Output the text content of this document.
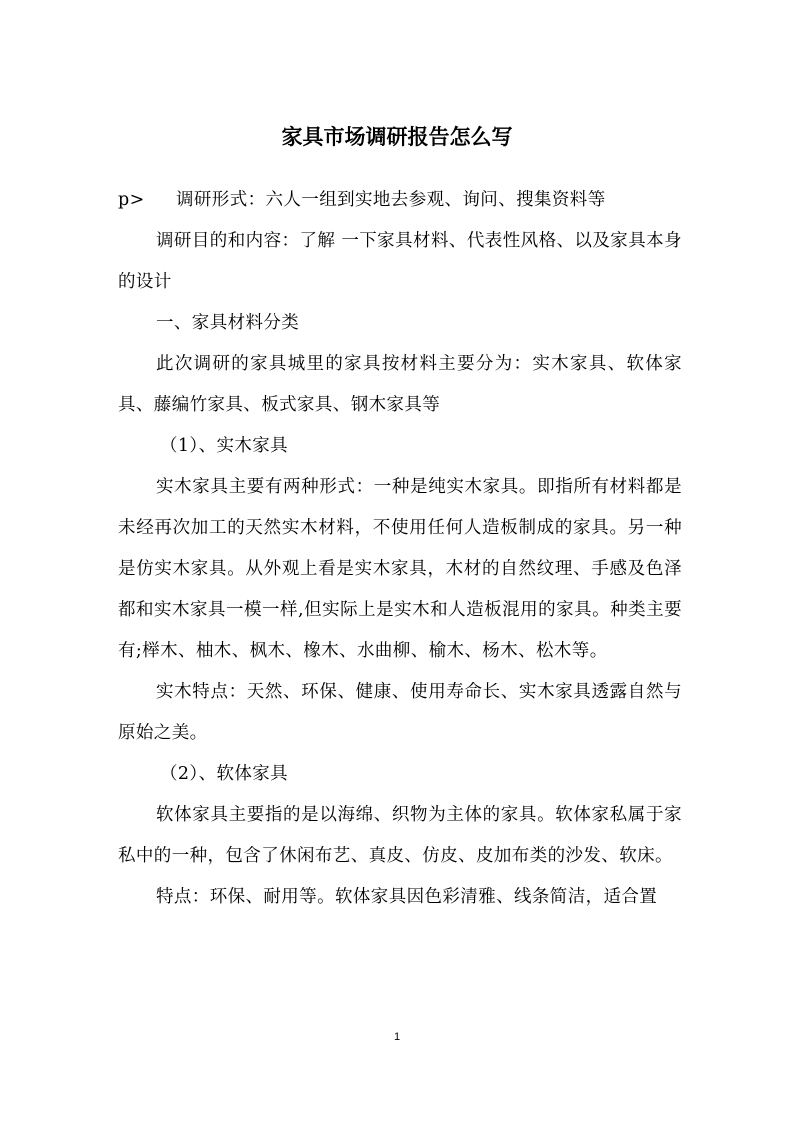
家具市场调研报告怎么写

p> 调研形式：六人一组到实地去参观、询问、搜集资料等

调研目的和内容：了解 一下家具材料、代表性风格、以及家具本身的设计

一、家具材料分类

此次调研的家具城里的家具按材料主要分为：实木家具、软体家具、藤编竹家具、板式家具、钢木家具等

（1）、实木家具

实木家具主要有两种形式：一种是纯实木家具。即指所有材料都是未经再次加工的天然实木材料，不使用任何人造板制成的家具。另一种是仿实木家具。从外观上看是实木家具，木材的自然纹理、手感及色泽都和实木家具一模一样,但实际上是实木和人造板混用的家具。种类主要有;榉木、柚木、枫木、橡木、水曲柳、榆木、杨木、松木等。

实木特点：天然、环保、健康、使用寿命长、实木家具透露自然与原始之美。

（2）、软体家具

软体家具主要指的是以海绵、织物为主体的家具。软体家私属于家私中的一种，包含了休闲布艺、真皮、仿皮、皮加布类的沙发、软床。

特点：环保、耐用等。软体家具因色彩清雅、线条简洁，适合置

1
